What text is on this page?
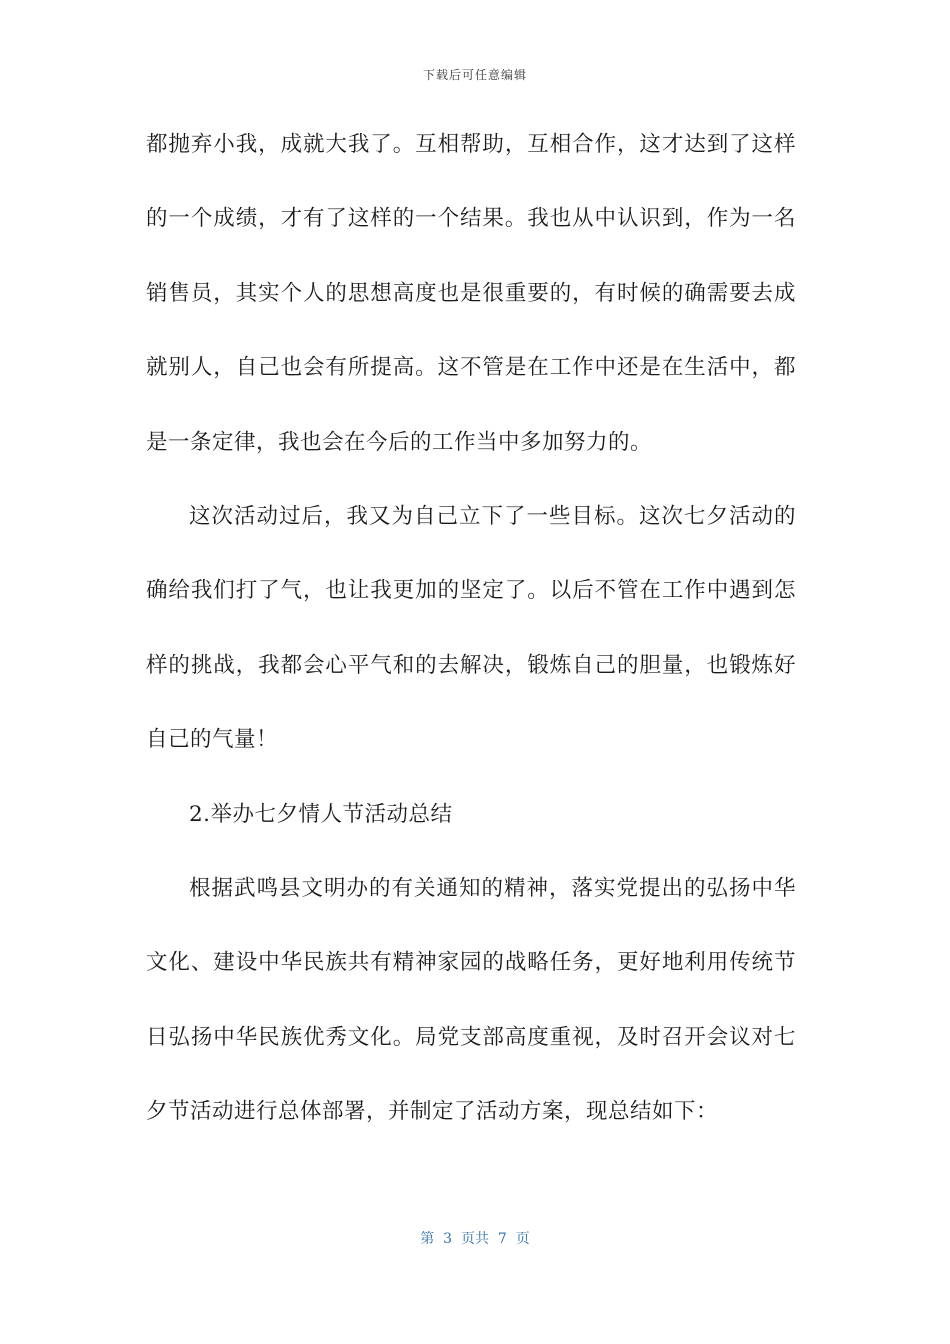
下载后可任意编辑
都抛弃小我，成就大我了。互相帮助，互相合作，这才达到了这样
的一个成绩，才有了这样的一个结果。我也从中认识到，作为一名
销售员，其实个人的思想高度也是很重要的，有时候的确需要去成
就别人，自己也会有所提高。这不管是在工作中还是在生活中，都
是一条定律，我也会在今后的工作当中多加努力的。
这次活动过后，我又为自己立下了一些目标。这次七夕活动的
确给我们打了气，也让我更加的坚定了。以后不管在工作中遇到怎
样的挑战，我都会心平气和的去解决，锻炼自己的胆量，也锻炼好
自己的气量！
2.举办七夕情人节活动总结
根据武鸣县文明办的有关通知的精神，落实党提出的弘扬中华
文化、建设中华民族共有精神家园的战略任务，更好地利用传统节
日弘扬中华民族优秀文化。局党支部高度重视，及时召开会议对七
夕节活动进行总体部署，并制定了活动方案，现总结如下：
第  3  页共  7  页
